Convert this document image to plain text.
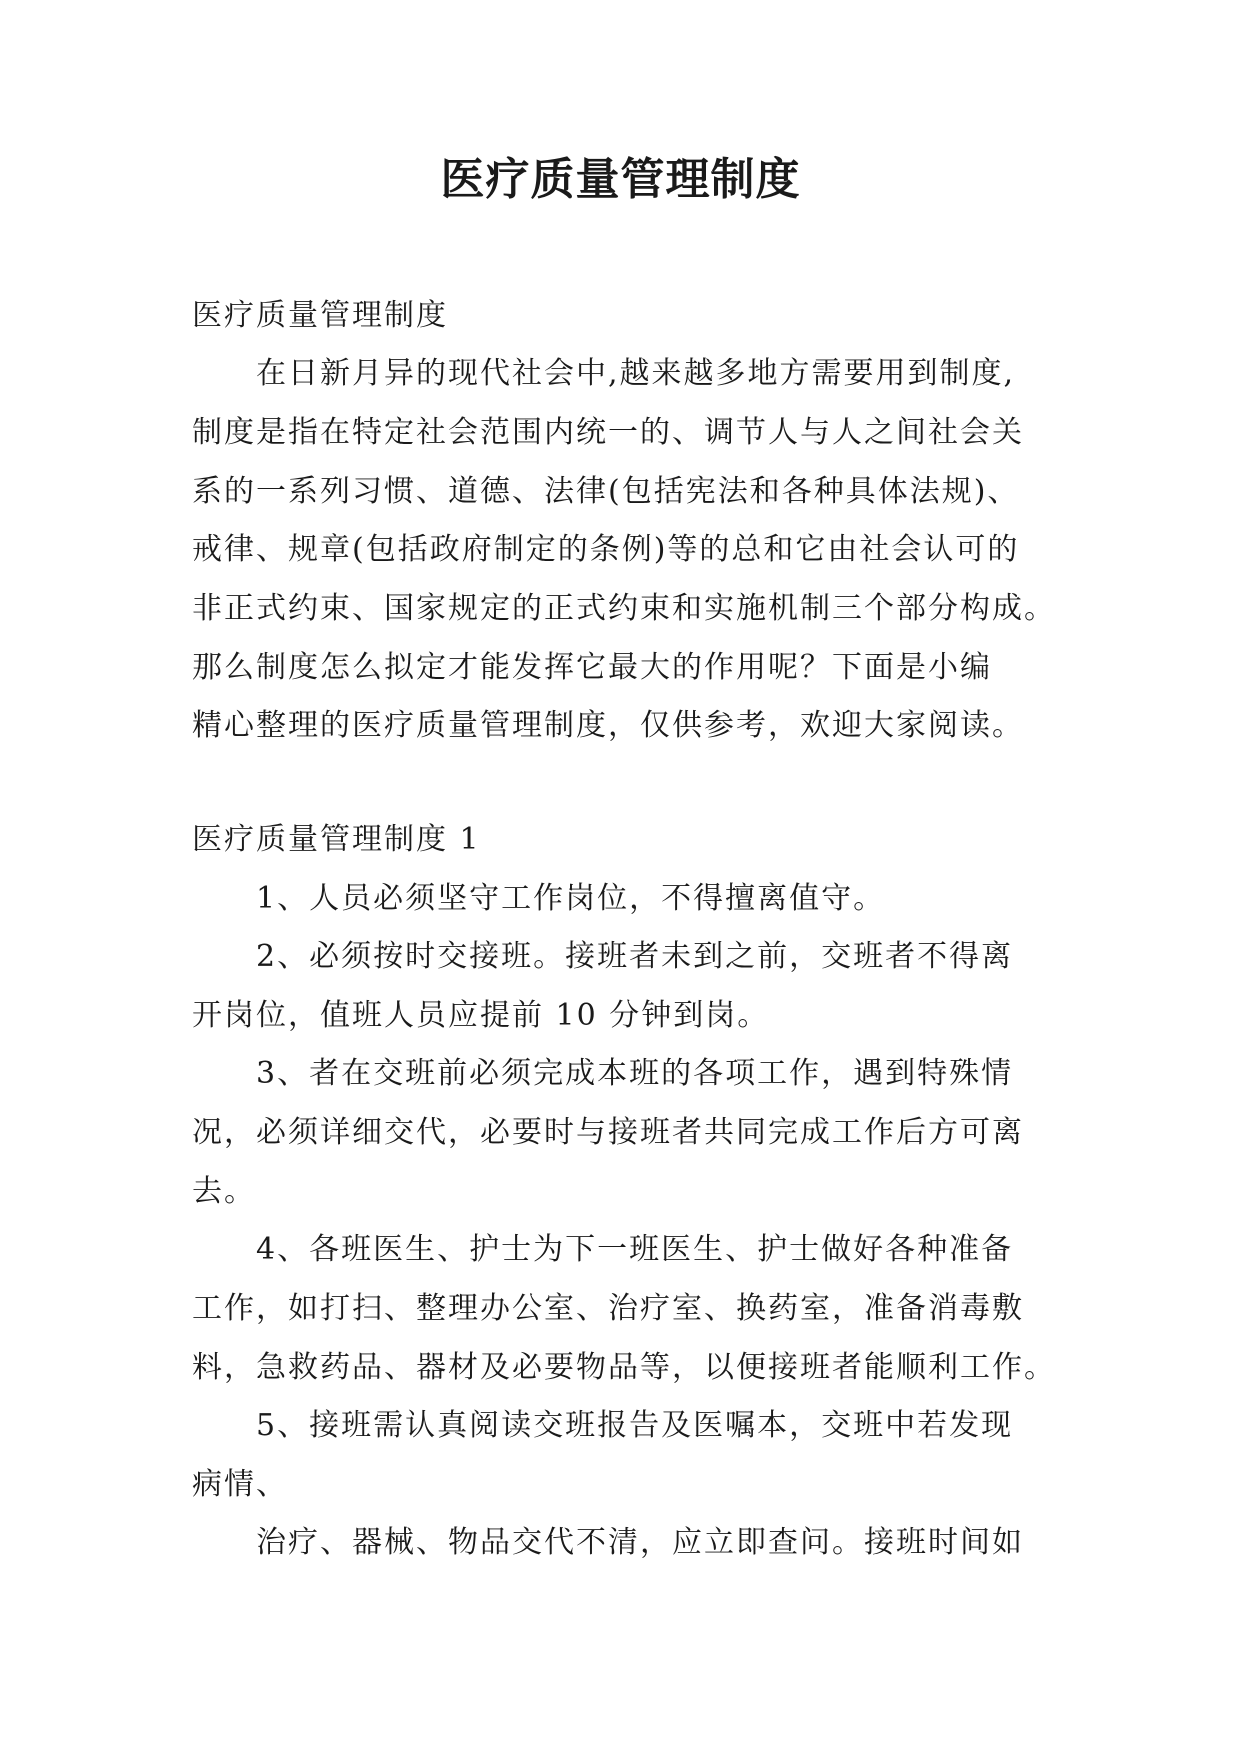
医疗质量管理制度
医疗质量管理制度
在日新月异的现代社会中,越来越多地方需要用到制度,
制度是指在特定社会范围内统一的、调节人与人之间社会关
系的一系列习惯、道德、法律(包括宪法和各种具体法规)、
戒律、规章(包括政府制定的条例)等的总和它由社会认可的
非正式约束、国家规定的正式约束和实施机制三个部分构成。
那么制度怎么拟定才能发挥它最大的作用呢？下面是小编
精心整理的医疗质量管理制度，仅供参考，欢迎大家阅读。
医疗质量管理制度 1
1、人员必须坚守工作岗位，不得擅离值守。
2、必须按时交接班。接班者未到之前，交班者不得离
开岗位，值班人员应提前 10 分钟到岗。
3、者在交班前必须完成本班的各项工作，遇到特殊情
况，必须详细交代，必要时与接班者共同完成工作后方可离
去。
4、各班医生、护士为下一班医生、护士做好各种准备
工作，如打扫、整理办公室、治疗室、换药室，准备消毒敷
料，急救药品、器材及必要物品等，以便接班者能顺利工作。
5、接班需认真阅读交班报告及医嘱本，交班中若发现
病情、
治疗、器械、物品交代不清，应立即查问。接班时间如
